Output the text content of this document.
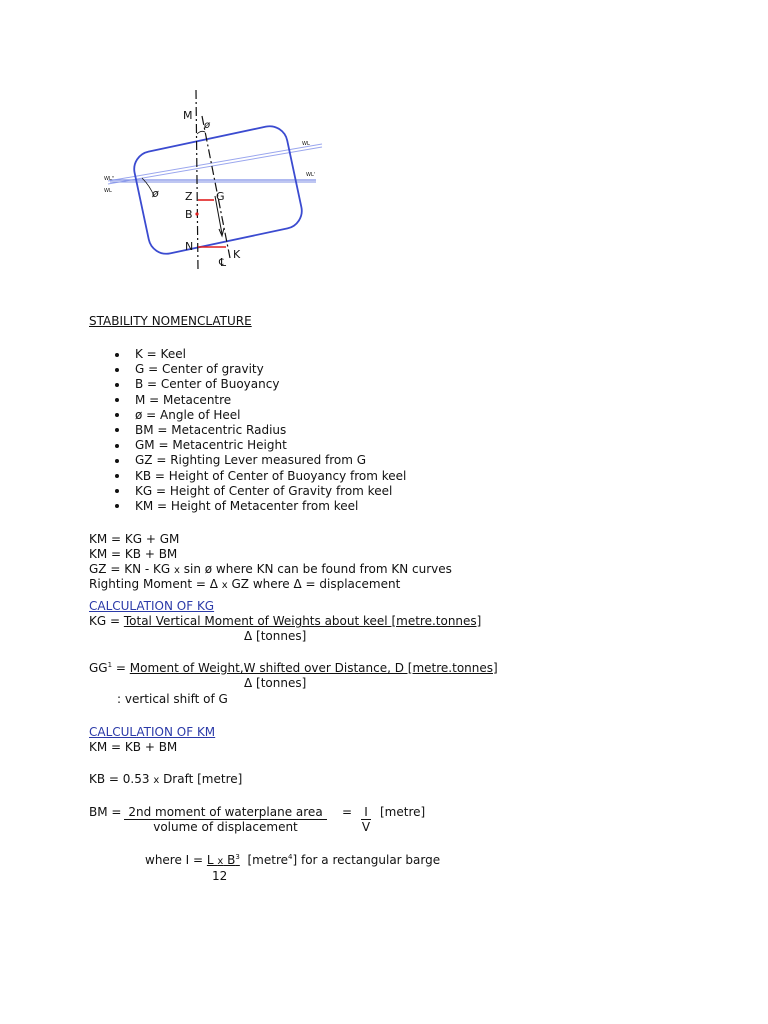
M
ø
Z G
B
N
K
℄
ø
WL
WL"
WL'
WL
STABILITY NOMENCLATURE
K = Keel
G = Center of gravity
B = Center of Buoyancy
M = Metacentre
ø = Angle of Heel
BM = Metacentric Radius
GM = Metacentric Height
GZ = Righting Lever measured from G
KB = Height of Center of Buoyancy from keel
KG = Height of Center of Gravity from keel
KM = Height of Metacenter from keel
KM = KG + GM
KM = KB + BM
GZ = KN - KG x sin ø where KN can be found from KN curves
Righting Moment = Δ x GZ where Δ = displacement
CALCULATION OF KG
KG = Total Vertical Moment of Weights about keel [metre.tonnes]
Δ [tonnes]
$GG^1$ = Moment of Weight,W shifted over Distance, D [metre.tonnes]
Δ [tonnes]
: vertical shift of G
CALCULATION OF KM
KM = KB + BM
KB = 0.53 x Draft [metre]
BM = 2nd moment of waterplane area
volume of displacement
= I
V
[metre]
where I = L x $B^3$ [metre$^4$] for a rectangular barge
12
